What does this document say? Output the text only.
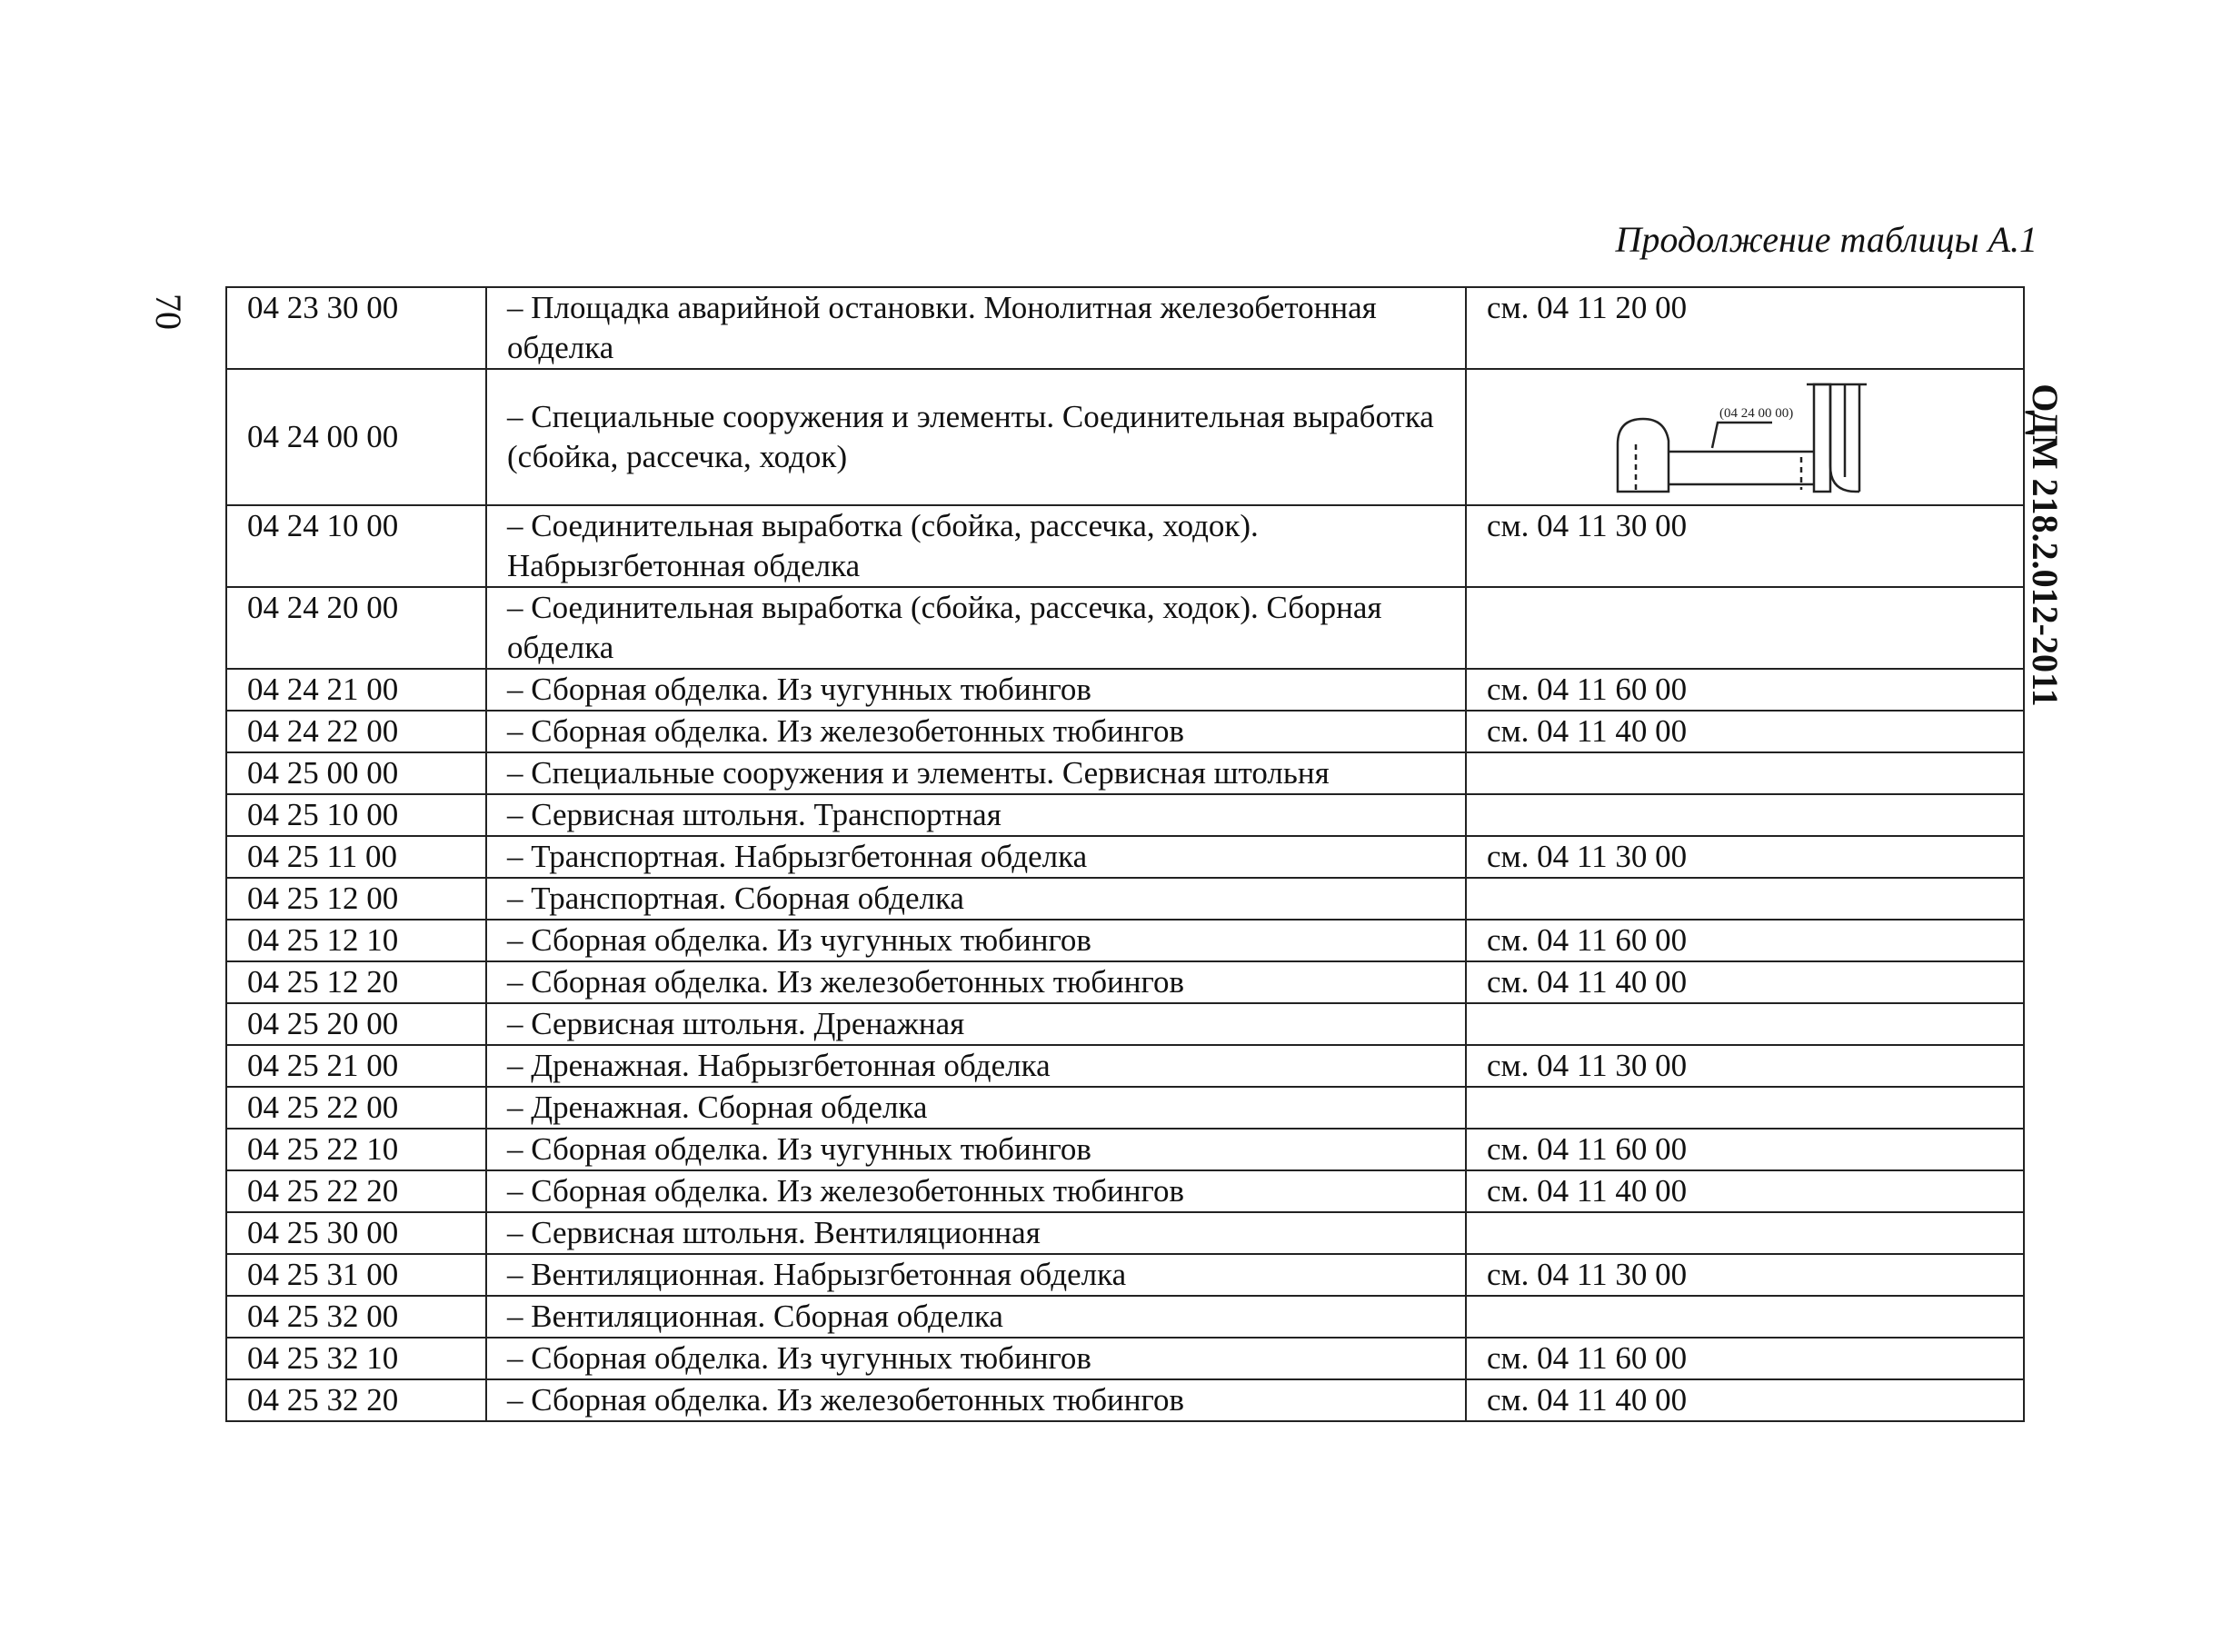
Продолжение таблицы А.1
70
ОДМ 218.2.012-2011
04 23 30 00	– Площадка аварийной остановки. Монолитная железобетонная обделка	см. 04 11 20 00
04 24 00 00	– Специальные сооружения и элементы. Соединительная выработка (сбойка, рассечка, ходок)	(04 24 00 00)

04 24 10 00	– Соединительная выработка (сбойка, рассечка, ходок). Набрызгбетонная обделка	см. 04 11 30 00
04 24 20 00	– Соединительная выработка (сбойка, рассечка, ходок). Сборная обделка	
04 24 21 00	– Сборная обделка. Из чугунных тюбингов	см. 04 11 60 00
04 24 22 00	– Сборная обделка. Из железобетонных тюбингов	см. 04 11 40 00
04 25 00 00	– Специальные сооружения и элементы. Сервисная штольня	
04 25 10 00	– Сервисная штольня. Транспортная	
04 25 11 00	– Транспортная. Набрызгбетонная обделка	см. 04 11 30 00
04 25 12 00	– Транспортная. Сборная обделка	
04 25 12 10	– Сборная обделка. Из чугунных тюбингов	см. 04 11 60 00
04 25 12 20	– Сборная обделка. Из железобетонных тюбингов	см. 04 11 40 00
04 25 20 00	– Сервисная штольня. Дренажная	
04 25 21 00	– Дренажная. Набрызгбетонная обделка	см. 04 11 30 00
04 25 22 00	– Дренажная. Сборная обделка	
04 25 22 10	– Сборная обделка. Из чугунных тюбингов	см. 04 11 60 00
04 25 22 20	– Сборная обделка. Из железобетонных тюбингов	см. 04 11 40 00
04 25 30 00	– Сервисная штольня. Вентиляционная	
04 25 31 00	– Вентиляционная. Набрызгбетонная обделка	см. 04 11 30 00
04 25 32 00	– Вентиляционная. Сборная обделка	
04 25 32 10	– Сборная обделка. Из чугунных тюбингов	см. 04 11 60 00
04 25 32 20	– Сборная обделка. Из железобетонных тюбингов	см. 04 11 40 00
